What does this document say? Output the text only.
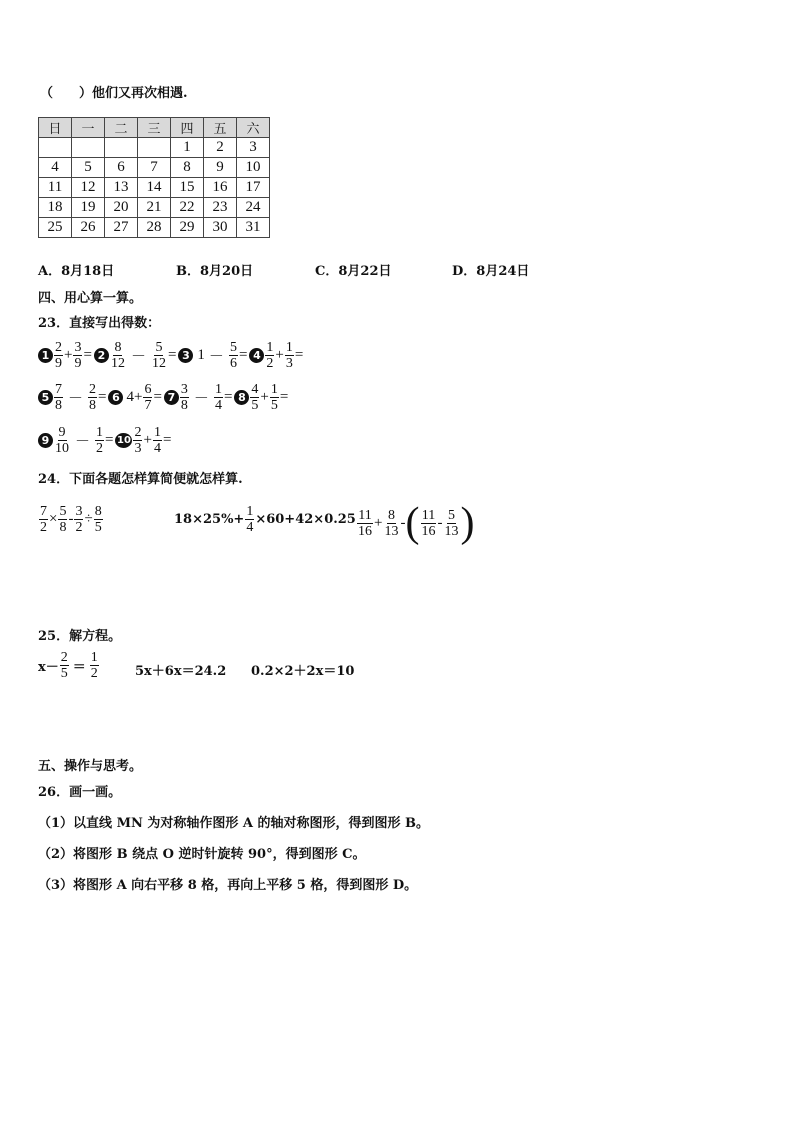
（　　）他们又再次相遇.
日	一	二	三	四	五	六
				1	2	3
4	5	6	7	8	9	10
11	12	13	14	15	16	17
18	19	20	21	22	23	24
25	26	27	28	29	30	31
A．8月18日	B．8月20日	C．8月22日	D．8月24日
四、用心算一算。
23．直接写出得数：
$1 \frac{2}{9} + \frac{3}{9} = 2 \frac{8}{12} - \frac{5}{12} = 3$ $1 - \frac{5}{6} = 4 \frac{1}{2} + \frac{1}{3}$ =
$5 \frac{7}{8} - \frac{2}{8} = 6$ $4 + \frac{6}{7} = 7 \frac{3}{8} - \frac{1}{4} = 8 \frac{4}{5} + \frac{1}{5}$ =
$9 \frac{9}{10} - \frac{1}{2} = 10 \frac{2}{3} + \frac{1}{4}$ =
24．下面各题怎样算简便就怎样算.
$\frac{7}{2} \times \frac{5}{8} - \frac{3}{2} \div \frac{8}{5}$	$18\times 25\%+ \frac{1}{4} \times 60+42\times 0.25 \frac{11}{16} + \frac{8}{13}$ - ( $\frac{11}{16} - \frac{5}{13}$ )
25．解方程。
$x- \frac{2}{5} = \frac{1}{2}$	5x＋6x＝24.2 0.2×2＋2x＝10
五、操作与思考。
26．画一画。
（1）以直线 MN 为对称轴作图形 A 的轴对称图形，得到图形 B。
（2）将图形 B 绕点 O 逆时针旋转 90°，得到图形 C。
（3）将图形 A 向右平移 8 格，再向上平移 5 格，得到图形 D。
